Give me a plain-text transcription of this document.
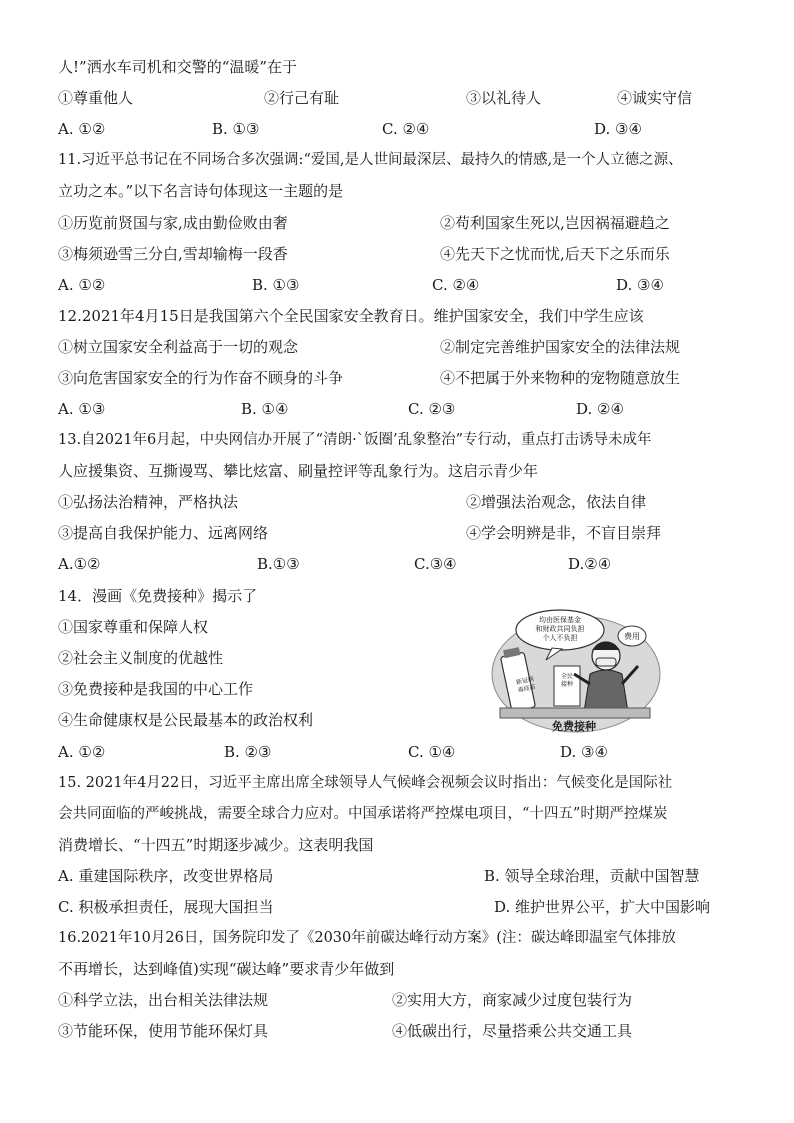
人!”洒水车司机和交警的“温暖”在于
①尊重他人	②行己有耻	③以礼待人	④诚实守信
A. ①②	B. ①③	C. ②④	D. ③④
11.习近平总书记在不同场合多次强调:“爱国,是人世间最深层、最持久的情感,是一个人立德之源、
立功之本。”以下名言诗句体现这一主题的是
①历览前贤国与家,成由勤俭败由奢	②苟利国家生死以,岂因祸福避趋之
③梅须逊雪三分白,雪却输梅一段香	④先天下之忧而忧,后天下之乐而乐
A. ①②	B. ①③	C. ②④	D. ③④
12.2021年4月15日是我国第六个全民国家安全教育日。维护国家安全，我们中学生应该
①树立国家安全利益高于一切的观念	②制定完善维护国家安全的法律法规
③向危害国家安全的行为作奋不顾身的斗争	④不把属于外来物种的宠物随意放生
A. ①③	B. ①④	C. ②③	D. ②④
13.自2021年6月起，中央网信办开展了“清朗·`饭圈’乱象整治”专行动，重点打击诱导未成年
人应援集资、互撕谩骂、攀比炫富、刷量控评等乱象行为。这启示青少年
①弘扬法治精神，严格执法	②增强法治观念，依法自律
③提高自我保护能力、远离网络	④学会明辨是非，不盲目崇拜
A.①②	B.①③	C.③④	D.②④
14．漫画《免费接种》揭示了
①国家尊重和保障人权
②社会主义制度的优越性
③免费接种是我国的中心工作
④生命健康权是公民最基本的政治权利
A. ①②	B. ②③	C. ①④	D. ③④
均由医保基金
和财政共同负担
个人不负担	费用
新冠病
毒疫苗
全民
接种
免费接种
15. 2021年4月22日，习近平主席出席全球领导人气候峰会视频会议时指出：气候变化是国际社
会共同面临的严峻挑战，需要全球合力应对。中国承诺将严控煤电项目，“十四五”时期严控煤炭
消费增长、“十四五”时期逐步减少。这表明我国
A. 重建国际秩序，改变世界格局	B. 领导全球治理，贡献中国智慧
C. 积极承担责任，展现大国担当	D. 维护世界公平，扩大中国影响
16.2021年10月26日，国务院印发了《2030年前碳达峰行动方案》(注：碳达峰即温室气体排放
不再增长，达到峰值)实现“碳达峰”要求青少年做到
①科学立法，出台相关法律法规	②实用大方，商家减少过度包装行为
③节能环保，使用节能环保灯具	④低碳出行，尽量搭乘公共交通工具
